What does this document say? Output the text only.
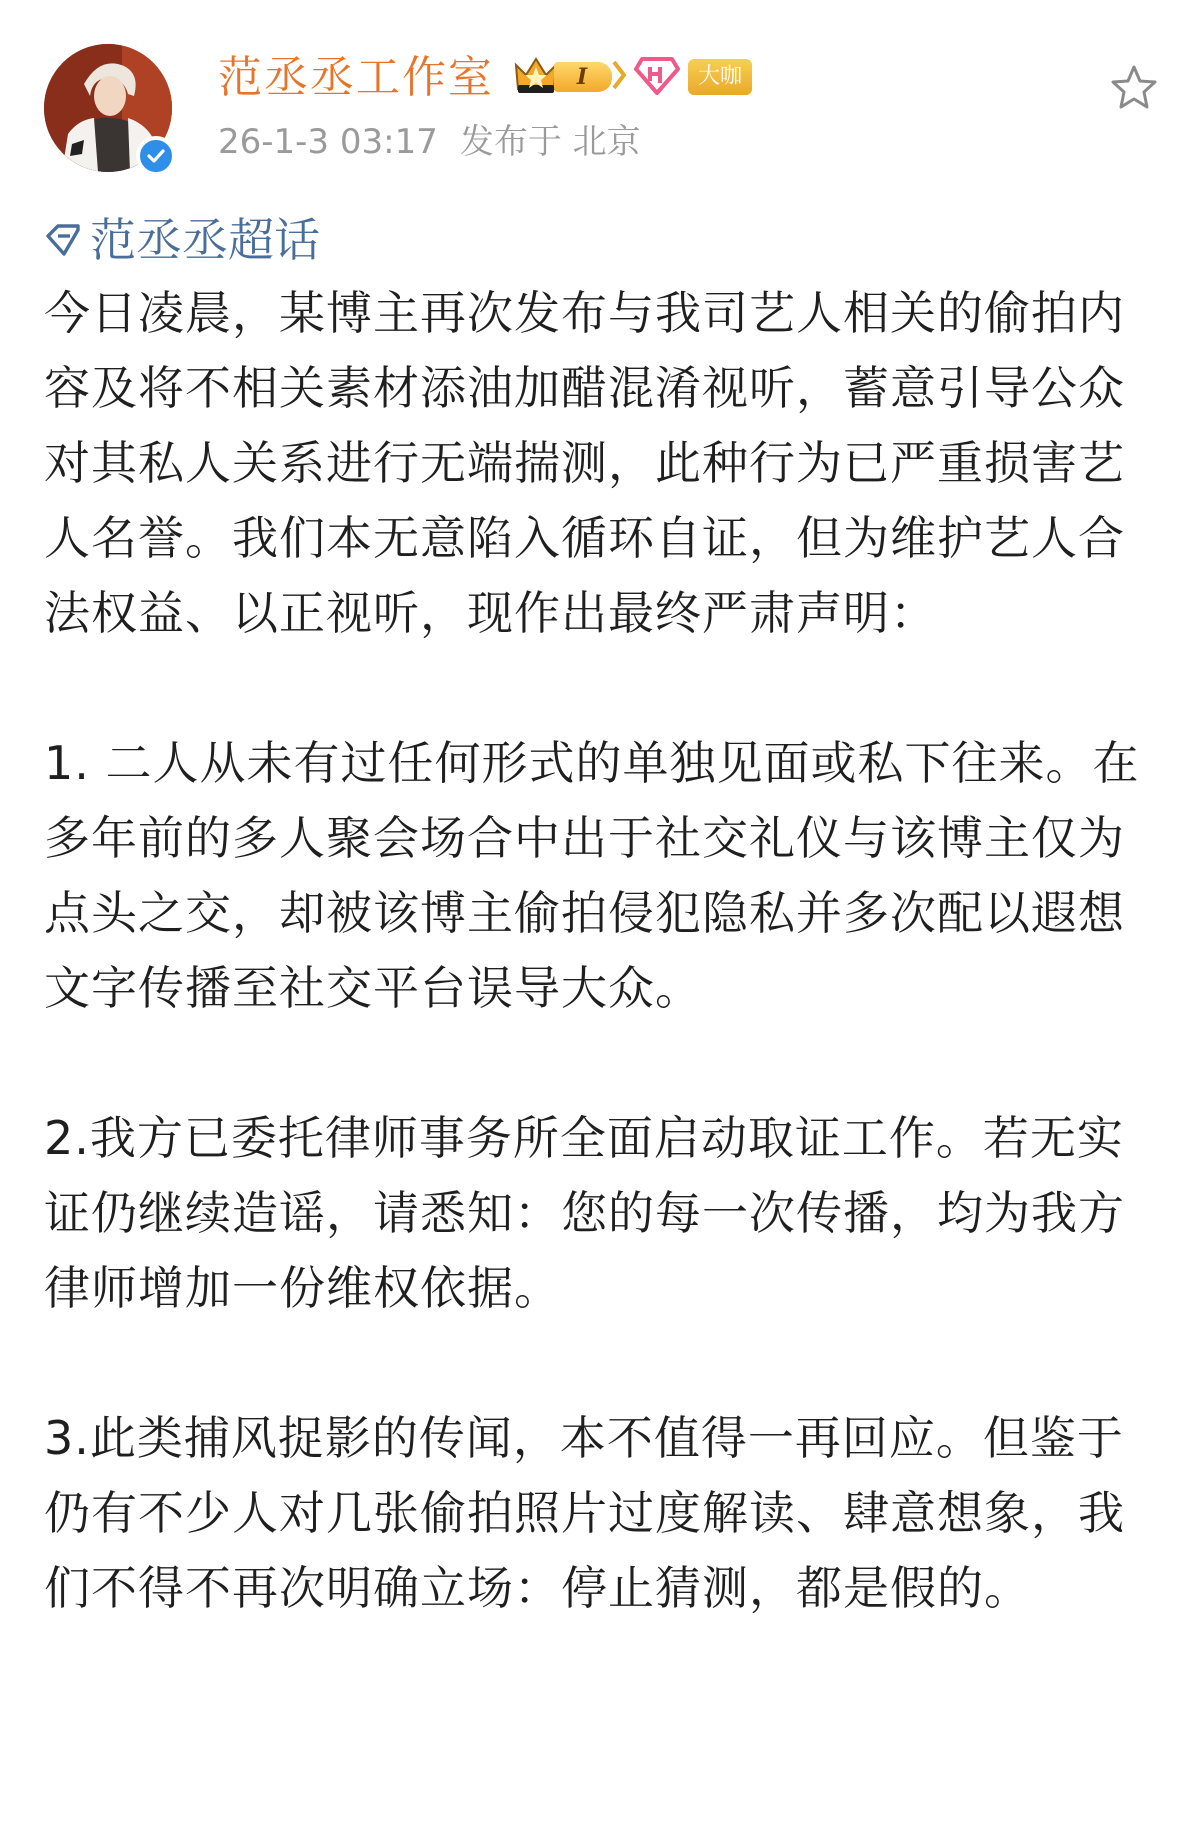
范丞丞工作室	I	大咖
26-1-3 03:17 发布于 北京
范丞丞超话

今日凌晨，某博主再次发布与我司艺人相关的偷拍内容及将不相关素材添油加醋混淆视听，蓄意引导公众对其私人关系进行无端揣测，此种行为已严重损害艺人名誉。我们本无意陷入循环自证，但为维护艺人合法权益、以正视听，现作出最终严肃声明：

1. 二人从未有过任何形式的单独见面或私下往来。在多年前的多人聚会场合中出于社交礼仪与该博主仅为点头之交，却被该博主偷拍侵犯隐私并多次配以遐想文字传播至社交平台误导大众。

2.我方已委托律师事务所全面启动取证工作。若无实证仍继续造谣，请悉知：您的每一次传播，均为我方律师增加一份维权依据。

3.此类捕风捉影的传闻，本不值得一再回应。但鉴于仍有不少人对几张偷拍照片过度解读、肆意想象，我们不得不再次明确立场：停止猜测，都是假的。
